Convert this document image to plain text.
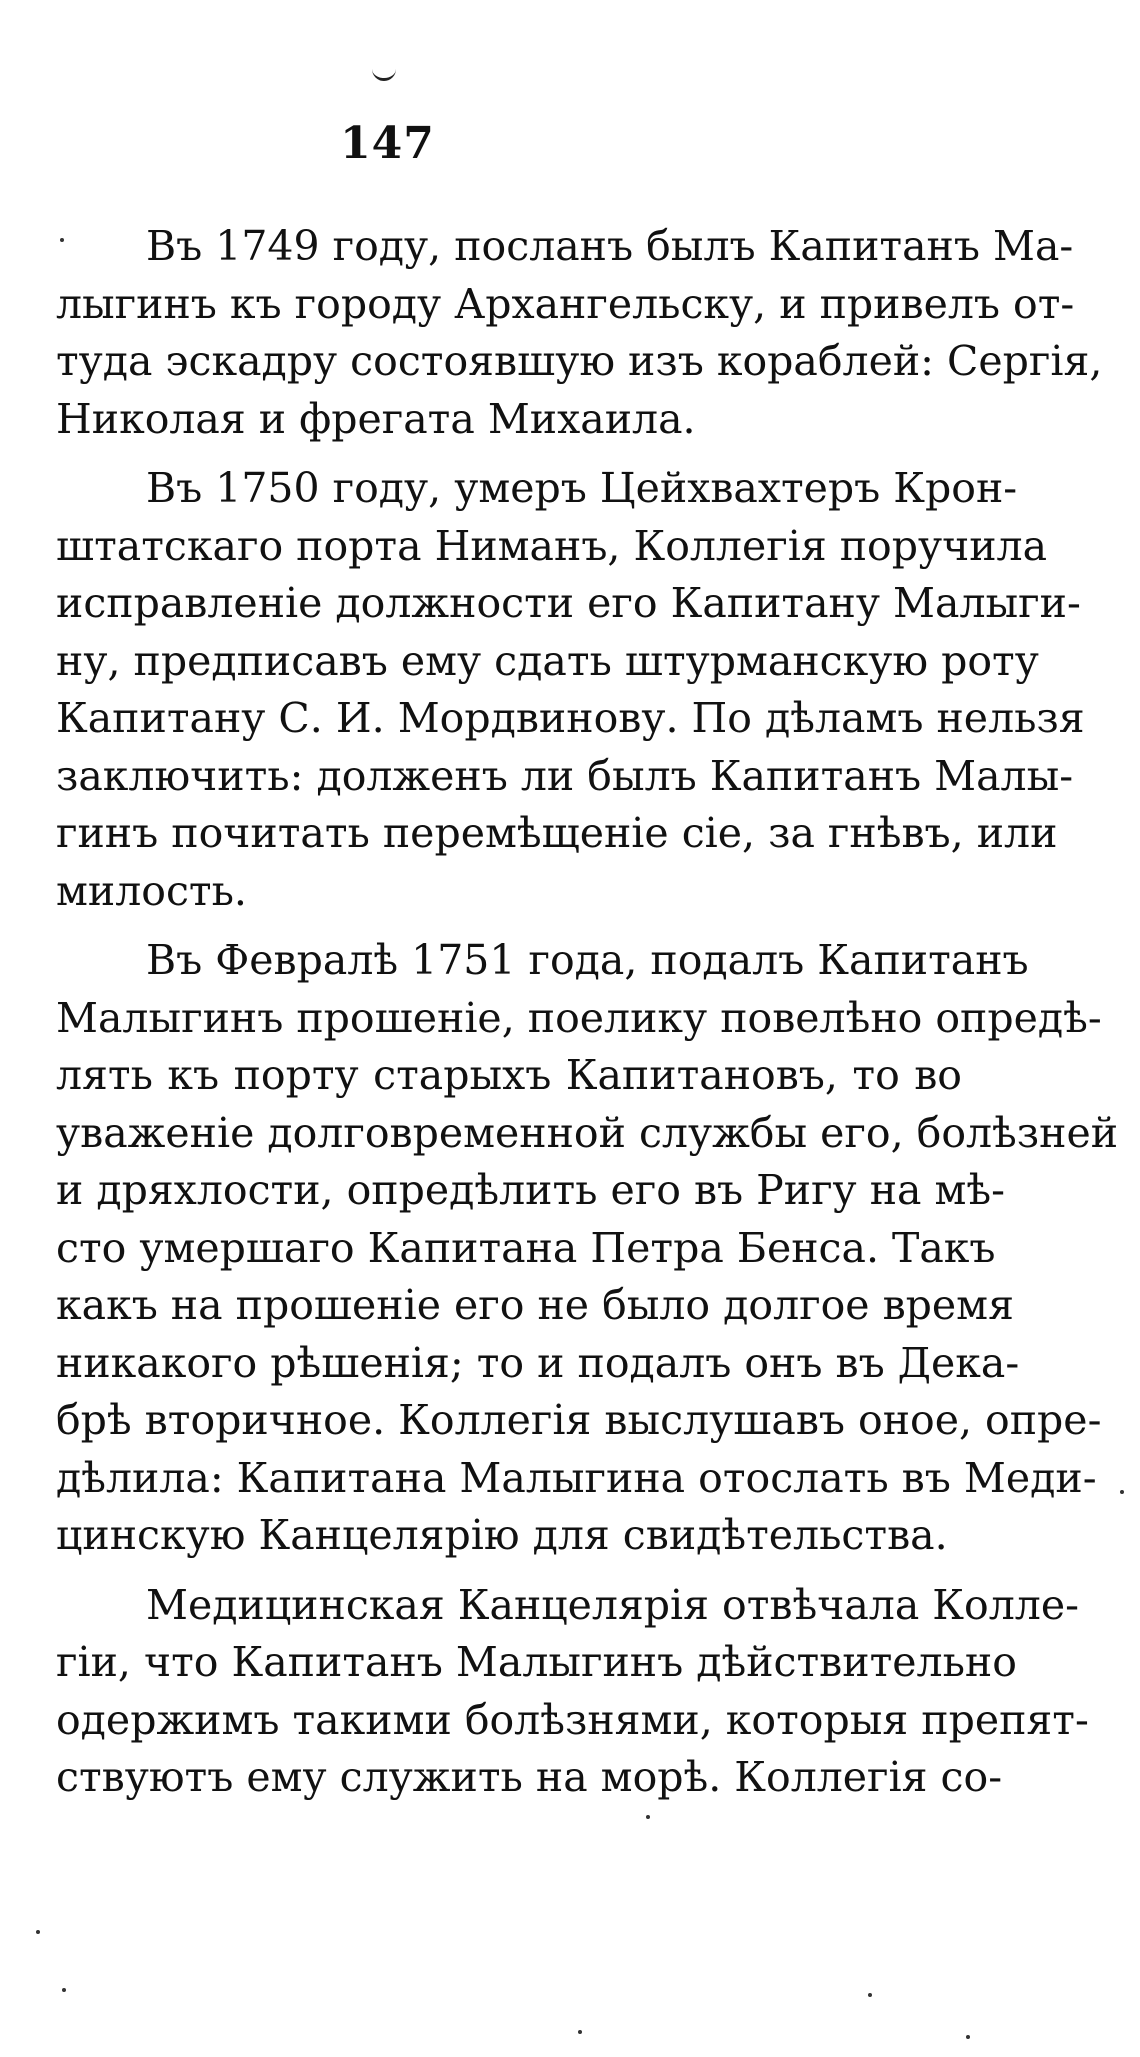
147
Въ 1749 году, посланъ былъ Капитанъ Ма-
лыгинъ къ городу Архангельску, и привелъ от-
туда эскадру состоявшую изъ кораблей: Сергія,
Николая и фрегата Михаила.
Въ 1750 году, умеръ Цейхвахтеръ Крон-
штатскаго порта Ниманъ, Коллегія поручила
исправленіе должности его Капитану Малыги-
ну, предписавъ ему сдать штурманскую роту
Капитану С. И. Мордвинову. По дѣламъ нельзя
заключить: долженъ ли былъ Капитанъ Малы-
гинъ почитать перемѣщеніе сіе, за гнѣвъ, или
милость.
Въ Февралѣ 1751 года, подалъ Капитанъ
Малыгинъ прошеніе, поелику повелѣно опредѣ-
лять къ порту старыхъ Капитановъ, то во
уваженіе долговременной службы его, болѣзней
и дряхлости, опредѣлить его въ Ригу на мѣ-
сто умершаго Капитана Петра Бенса. Такъ
какъ на прошеніе его не было долгое время
никакого рѣшенія; то и подалъ онъ въ Дека-
брѣ вторичное. Коллегія выслушавъ оное, опре-
дѣлила: Капитана Малыгина отослать въ Меди-
цинскую Канцелярію для свидѣтельства.
Медицинская Канцелярія отвѣчала Колле-
гіи, что Капитанъ Малыгинъ дѣйствительно
одержимъ такими болѣзнями, которыя препят-
ствуютъ ему служить на морѣ. Коллегія со-
